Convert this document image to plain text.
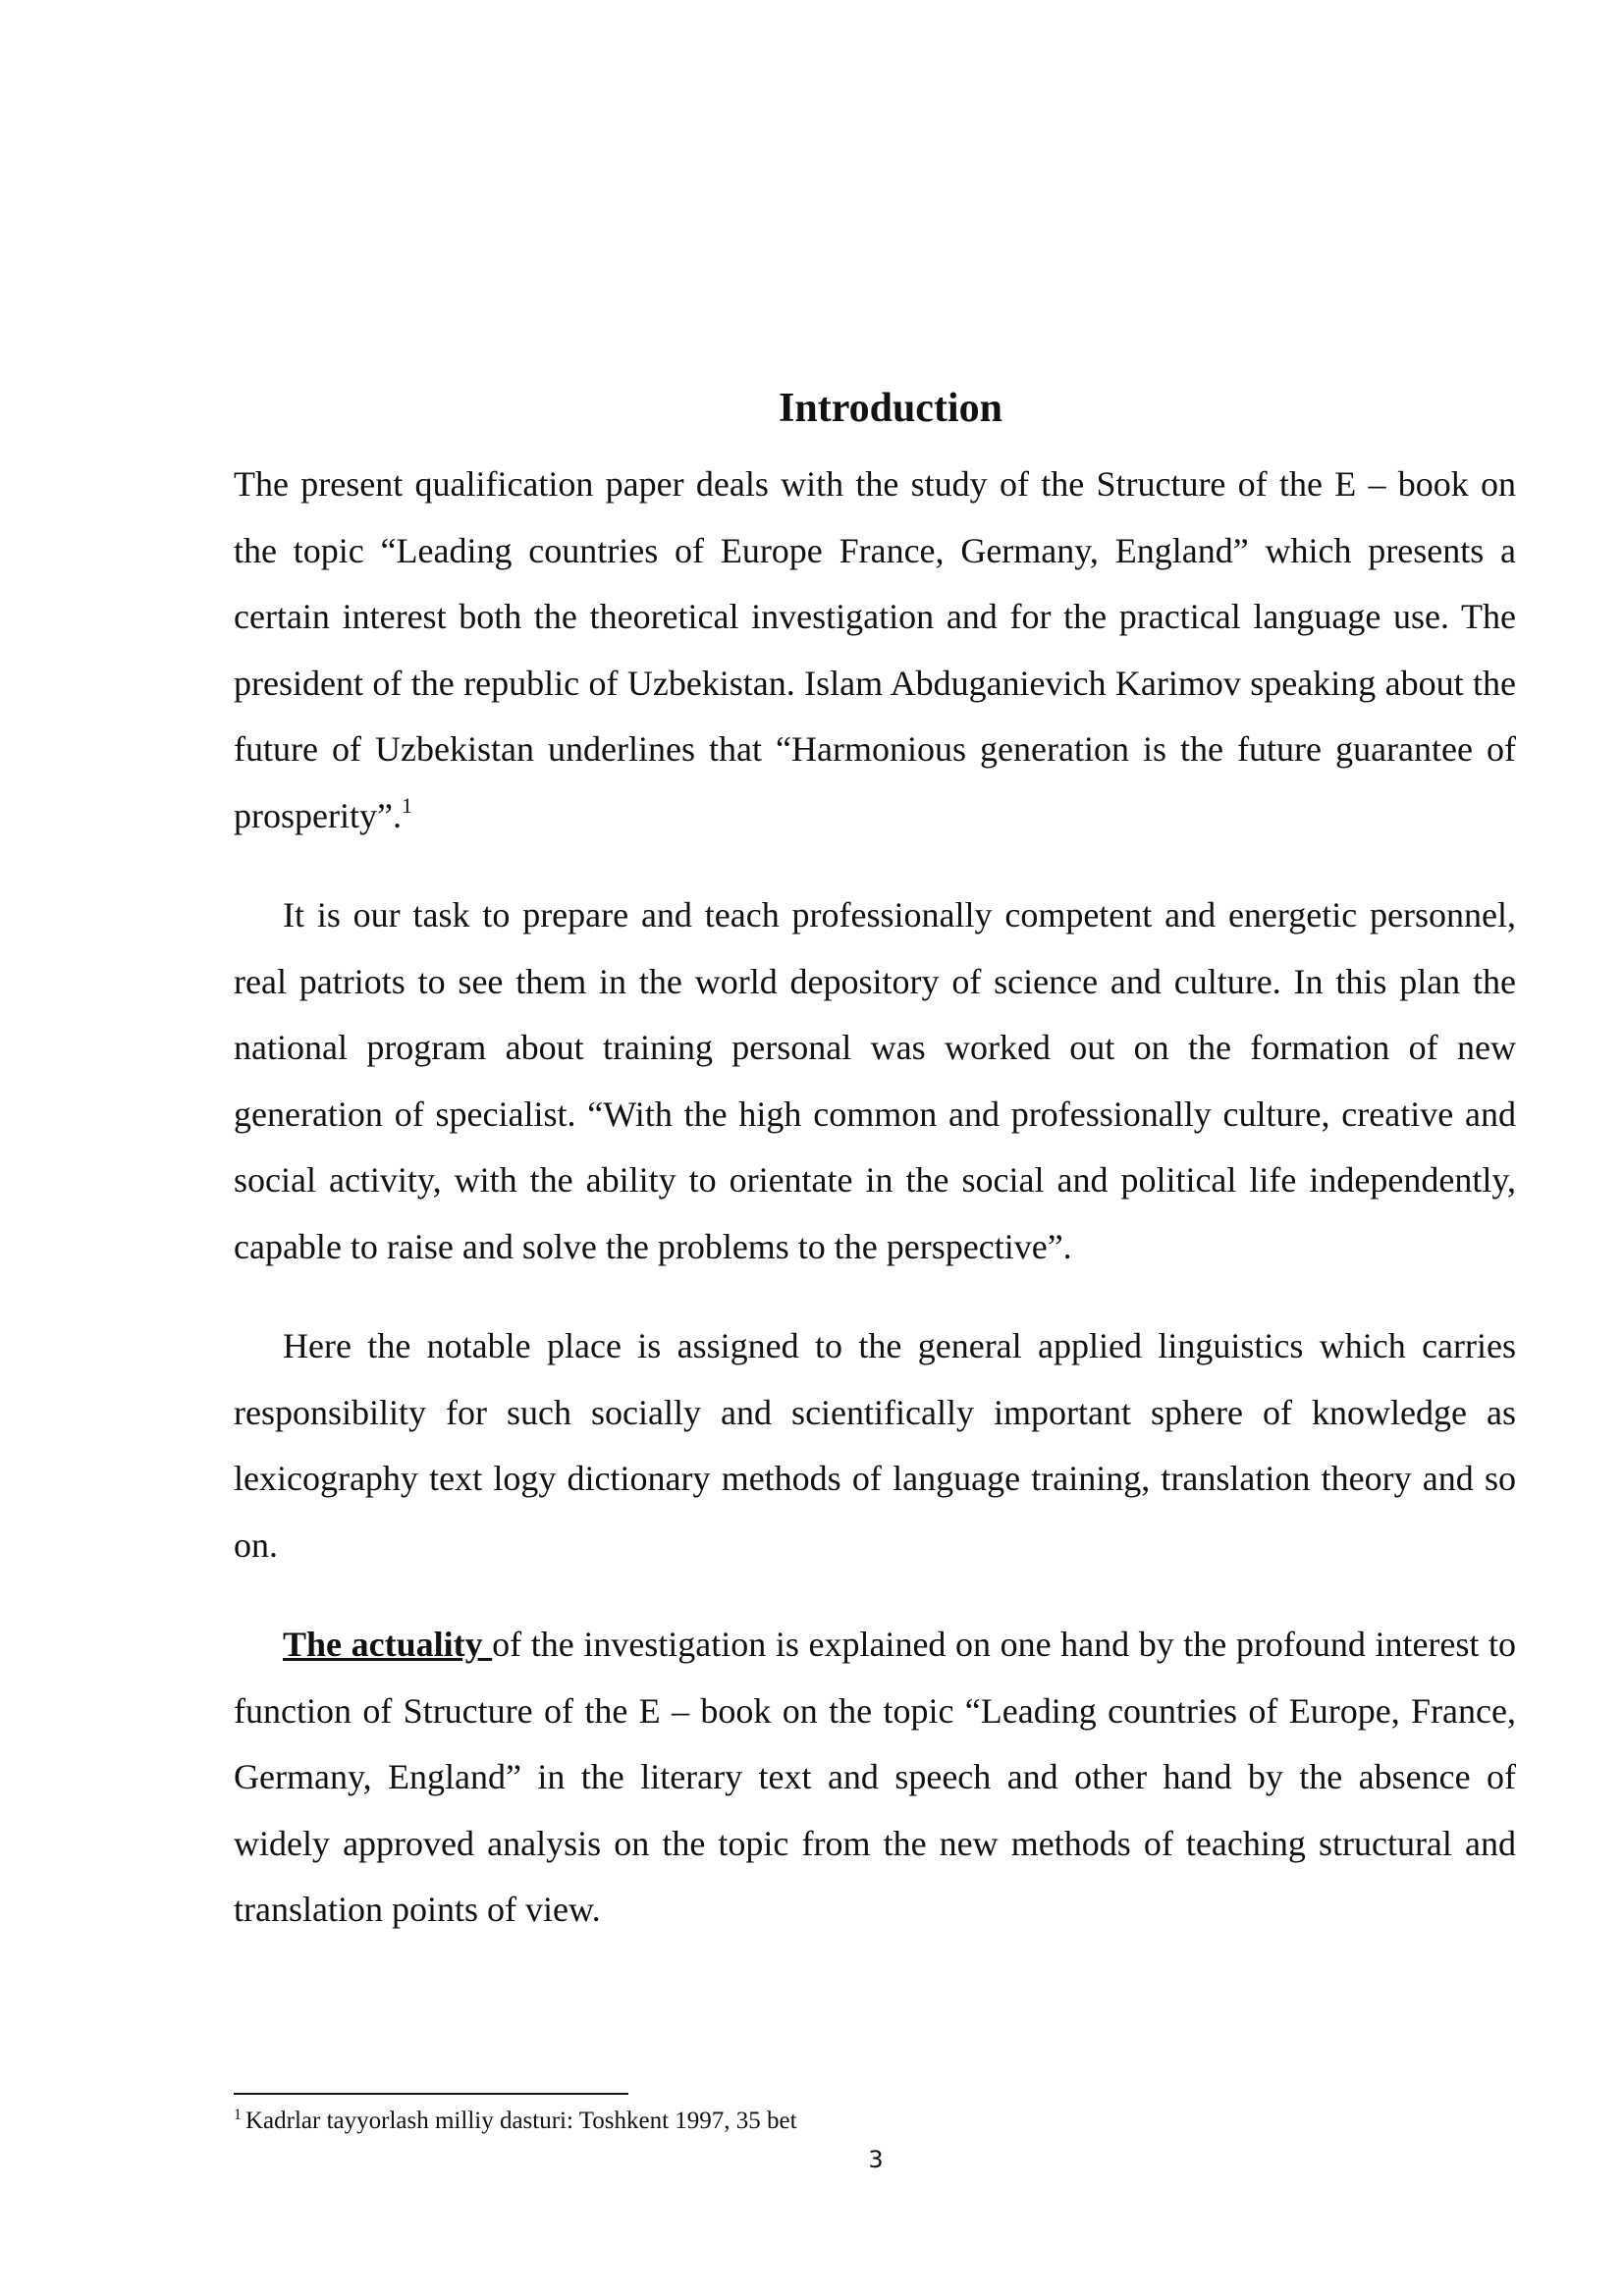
Introduction

The present qualification paper deals with the study of the Structure of the E – book on the topic “Leading countries of Europe France, Germany, England” which presents a certain interest both the theoretical investigation and for the practical language use. The president of the republic of Uzbekistan. Islam Abduganievich Karimov speaking about the future of Uzbekistan underlines that “Harmonious generation is the future guarantee of prosperity”.$^1$

It is our task to prepare and teach professionally competent and energetic personnel, real patriots to see them in the world depository of science and culture. In this plan the national program about training personal was worked out on the formation of new generation of specialist. “With the high common and professionally culture, creative and social activity, with the ability to orientate in the social and political life independently, capable to raise and solve the problems to the perspective”.

Here the notable place is assigned to the general applied linguistics which carries responsibility for such socially and scientifically important sphere of knowledge as lexicography text logy dictionary methods of language training, translation theory and so on.

The actuality of the investigation is explained on one hand by the profound interest to function of Structure of the E – book on the topic “Leading countries of Europe, France, Germany, England” in the literary text and speech and other hand by the absence of widely approved analysis on the topic from the new methods of teaching structural and translation points of view.

$^1$ Kadrlar tayyorlash milliy dasturi: Toshkent 1997, 35 bet

3
